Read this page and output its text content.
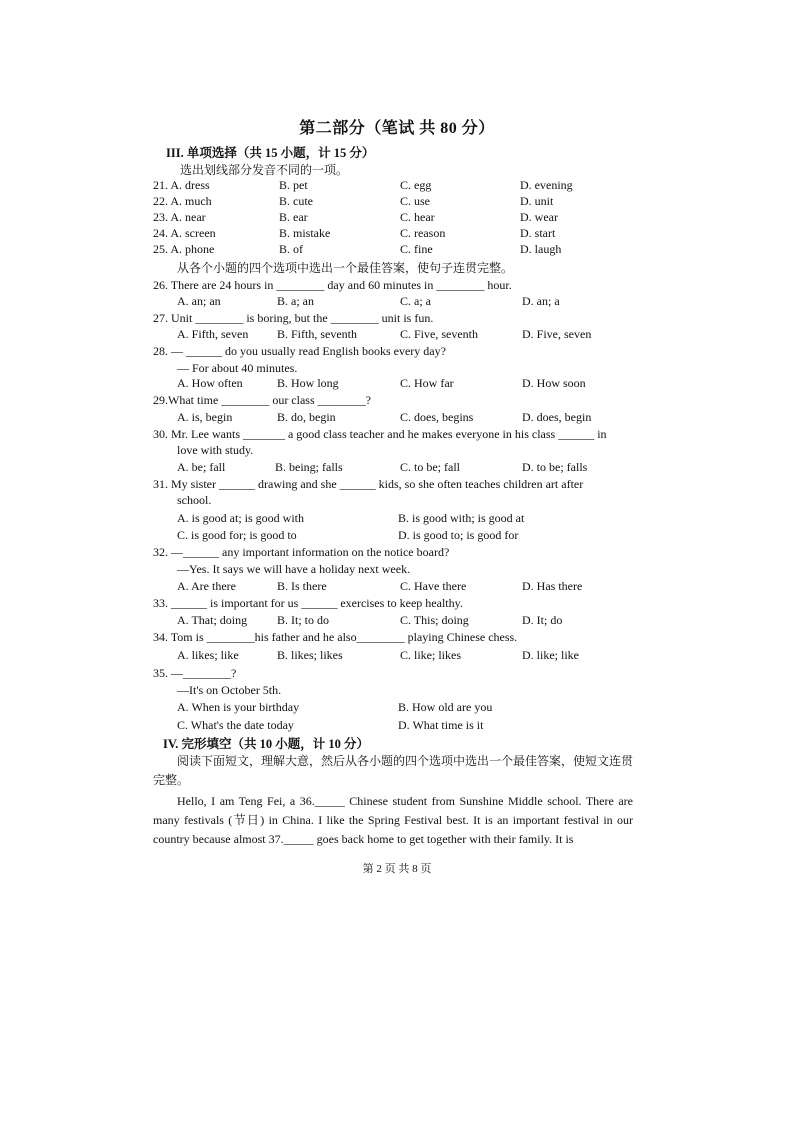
第二部分（笔试 共 80 分）
III. 单项选择（共 15 小题，计 15 分）
选出划线部分发音不同的一项。
21. A. dress	B. pet	C. egg	D. evening
22. A. much	B. cute	C. use	D. unit
23. A. near	B. ear	C. hear	D. wear
24. A. screen	B. mistake	C. reason	D. start
25. A. phone	B. of	C. fine	D. laugh
从各个小题的四个选项中选出一个最佳答案，使句子连贯完整。
26. There are 24 hours in ________ day and 60 minutes in ________ hour.
A. an; an	B. a; an	C. a; a	D. an; a
27. Unit ________ is boring, but the ________ unit is fun.
A. Fifth, seven B. Fifth, seventh	C. Five, seventh	D. Five, seven
28. — ______ do you usually read English books every day?
— For about 40 minutes.
A. How often	B. How long	C. How far	D. How soon
29.What time ________ our class ________?
A. is, begin	B. do, begin	C. does, begins	D. does, begin
30. Mr. Lee wants _______ a good class teacher and he makes everyone in his class ______ in
love with study.
A. be; fall	B. being; falls	C. to be; fall	D. to be; falls
31. My sister ______ drawing and she ______ kids, so she often teaches children art after
school.
A. is good at; is good with	B. is good with; is good at
C. is good for; is good to	D. is good to; is good for
32. —______ any important information on the notice board?
—Yes. It says we will have a holiday next week.
A. Are there	B. Is there	C. Have there	D. Has there
33. ______ is important for us ______ exercises to keep healthy.
A. That; doing B. It; to do	C. This; doing	D. It; do
34. Tom is ________his father and he also________ playing Chinese chess.
A. likes; like	B. likes; likes	C. like; likes	D. like; like
35. —________?
—It's on October 5th.
A. When is your birthday	B. How old are you
C. What's the date today	D. What time is it
IV. 完形填空（共 10 小题，计 10 分）
阅读下面短文，理解大意，然后从各小题的四个选项中选出一个最佳答案，使短文连贯完整。
Hello, I am Teng Fei, a 36._____ Chinese student from Sunshine Middle school. There are many festivals (节日) in China. I like the Spring Festival best. It is an important festival in our country because almost 37._____ goes back home to get together with their family. It is
第 2 页 共 8 页
